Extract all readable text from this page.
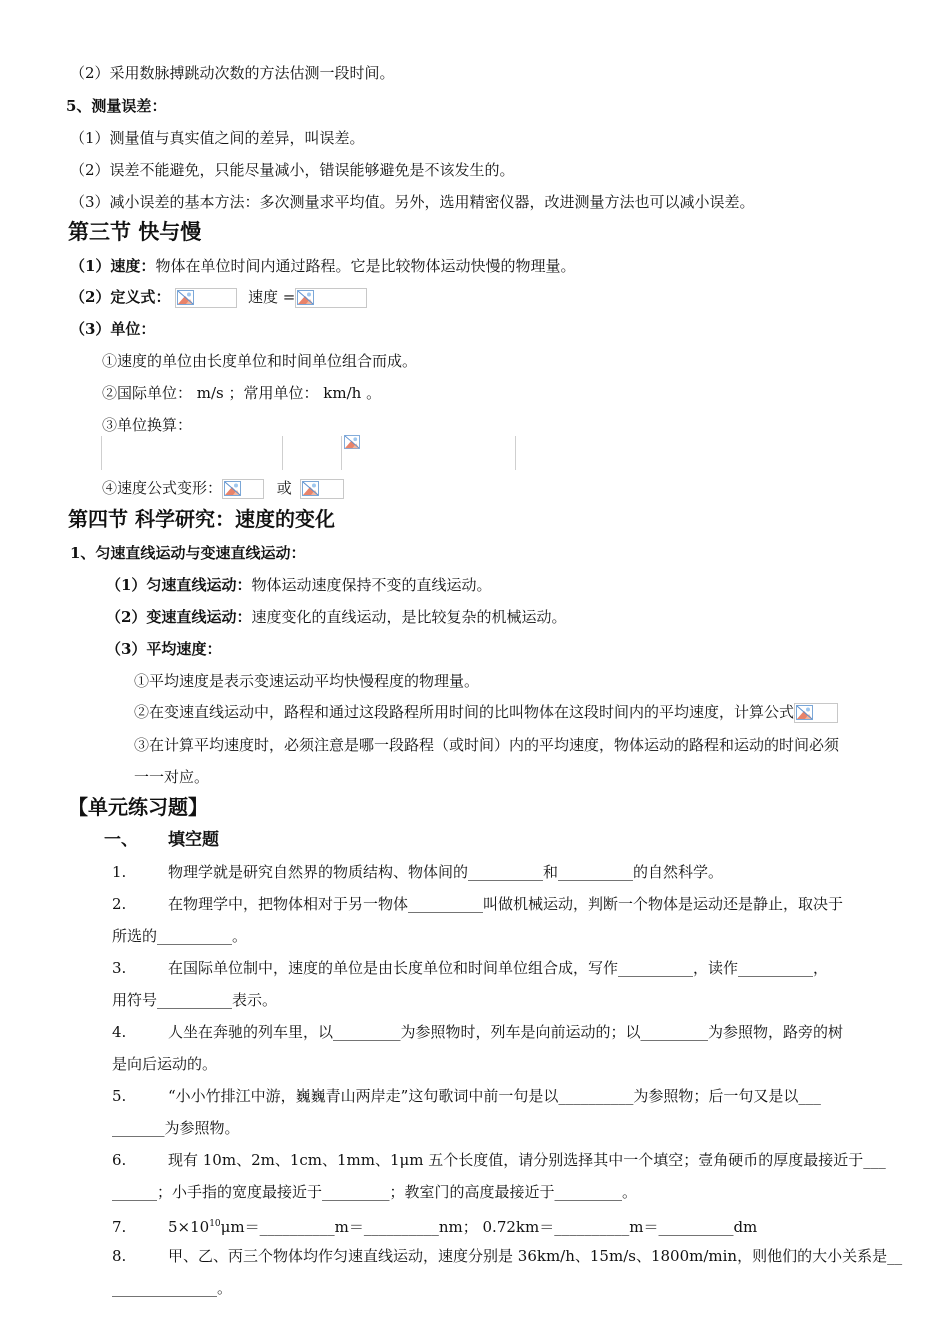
（2）采用数脉搏跳动次数的方法估测一段时间。
5、测量误差：
（1）测量值与真实值之间的差异，叫误差。
（2）误差不能避免，只能尽量减小，错误能够避免是不该发生的。
（3）减小误差的基本方法：多次测量求平均值。另外，选用精密仪器，改进测量方法也可以减小误差。
第三节 快与慢
（1）速度：物体在单位时间内通过路程。它是比较物体运动快慢的物理量。
（2）定义式：	速度 =
（3）单位：
①速度的单位由长度单位和时间单位组合而成。
②国际单位： m/s ；常用单位： km/h 。
③单位换算：
④速度公式变形：	或
第四节 科学研究：速度的变化
1、匀速直线运动与变速直线运动：
（1）匀速直线运动：物体运动速度保持不变的直线运动。
（2）变速直线运动：速度变化的直线运动，是比较复杂的机械运动。
（3）平均速度：
①平均速度是表示变速运动平均快慢程度的物理量。
②在变速直线运动中，路程和通过这段路程所用时间的比叫物体在这段时间内的平均速度，计算公式
③在计算平均速度时，必须注意是哪一段路程（或时间）内的平均速度，物体运动的路程和运动的时间必须
一一对应。
【单元练习题】
一、 填空题
1.	物理学就是研究自然界的物质结构、物体间的__________和__________的自然科学。
2.	在物理学中，把物体相对于另一物体__________叫做机械运动，判断一个物体是运动还是静止，取决于
所选的__________。
3.	在国际单位制中，速度的单位是由长度单位和时间单位组合成，写作__________，读作__________，
用符号__________表示。
4.	人坐在奔驰的列车里，以_________为参照物时，列车是向前运动的；以_________为参照物，路旁的树
是向后运动的。
5.	“小小竹排江中游，巍巍青山两岸走”这句歌词中前一句是以__________为参照物；后一句又是以___
_______为参照物。
6.	现有 10m、2m、1cm、1mm、1μm 五个长度值，请分别选择其中一个填空；壹角硬币的厚度最接近于___
______；小手指的宽度最接近于_________；教室门的高度最接近于_________。
7.	$5\times 10^{10}\mu m=\_\_\_\_\_\_\_\_\_\_m=\_\_\_\_\_\_\_\_\_\_nm$； 0.72km＝__________m＝__________dm
8.	甲、乙、丙三个物体均作匀速直线运动，速度分别是 36km/h、15m/s、1800m/min，则他们的大小关系是__
______________。
